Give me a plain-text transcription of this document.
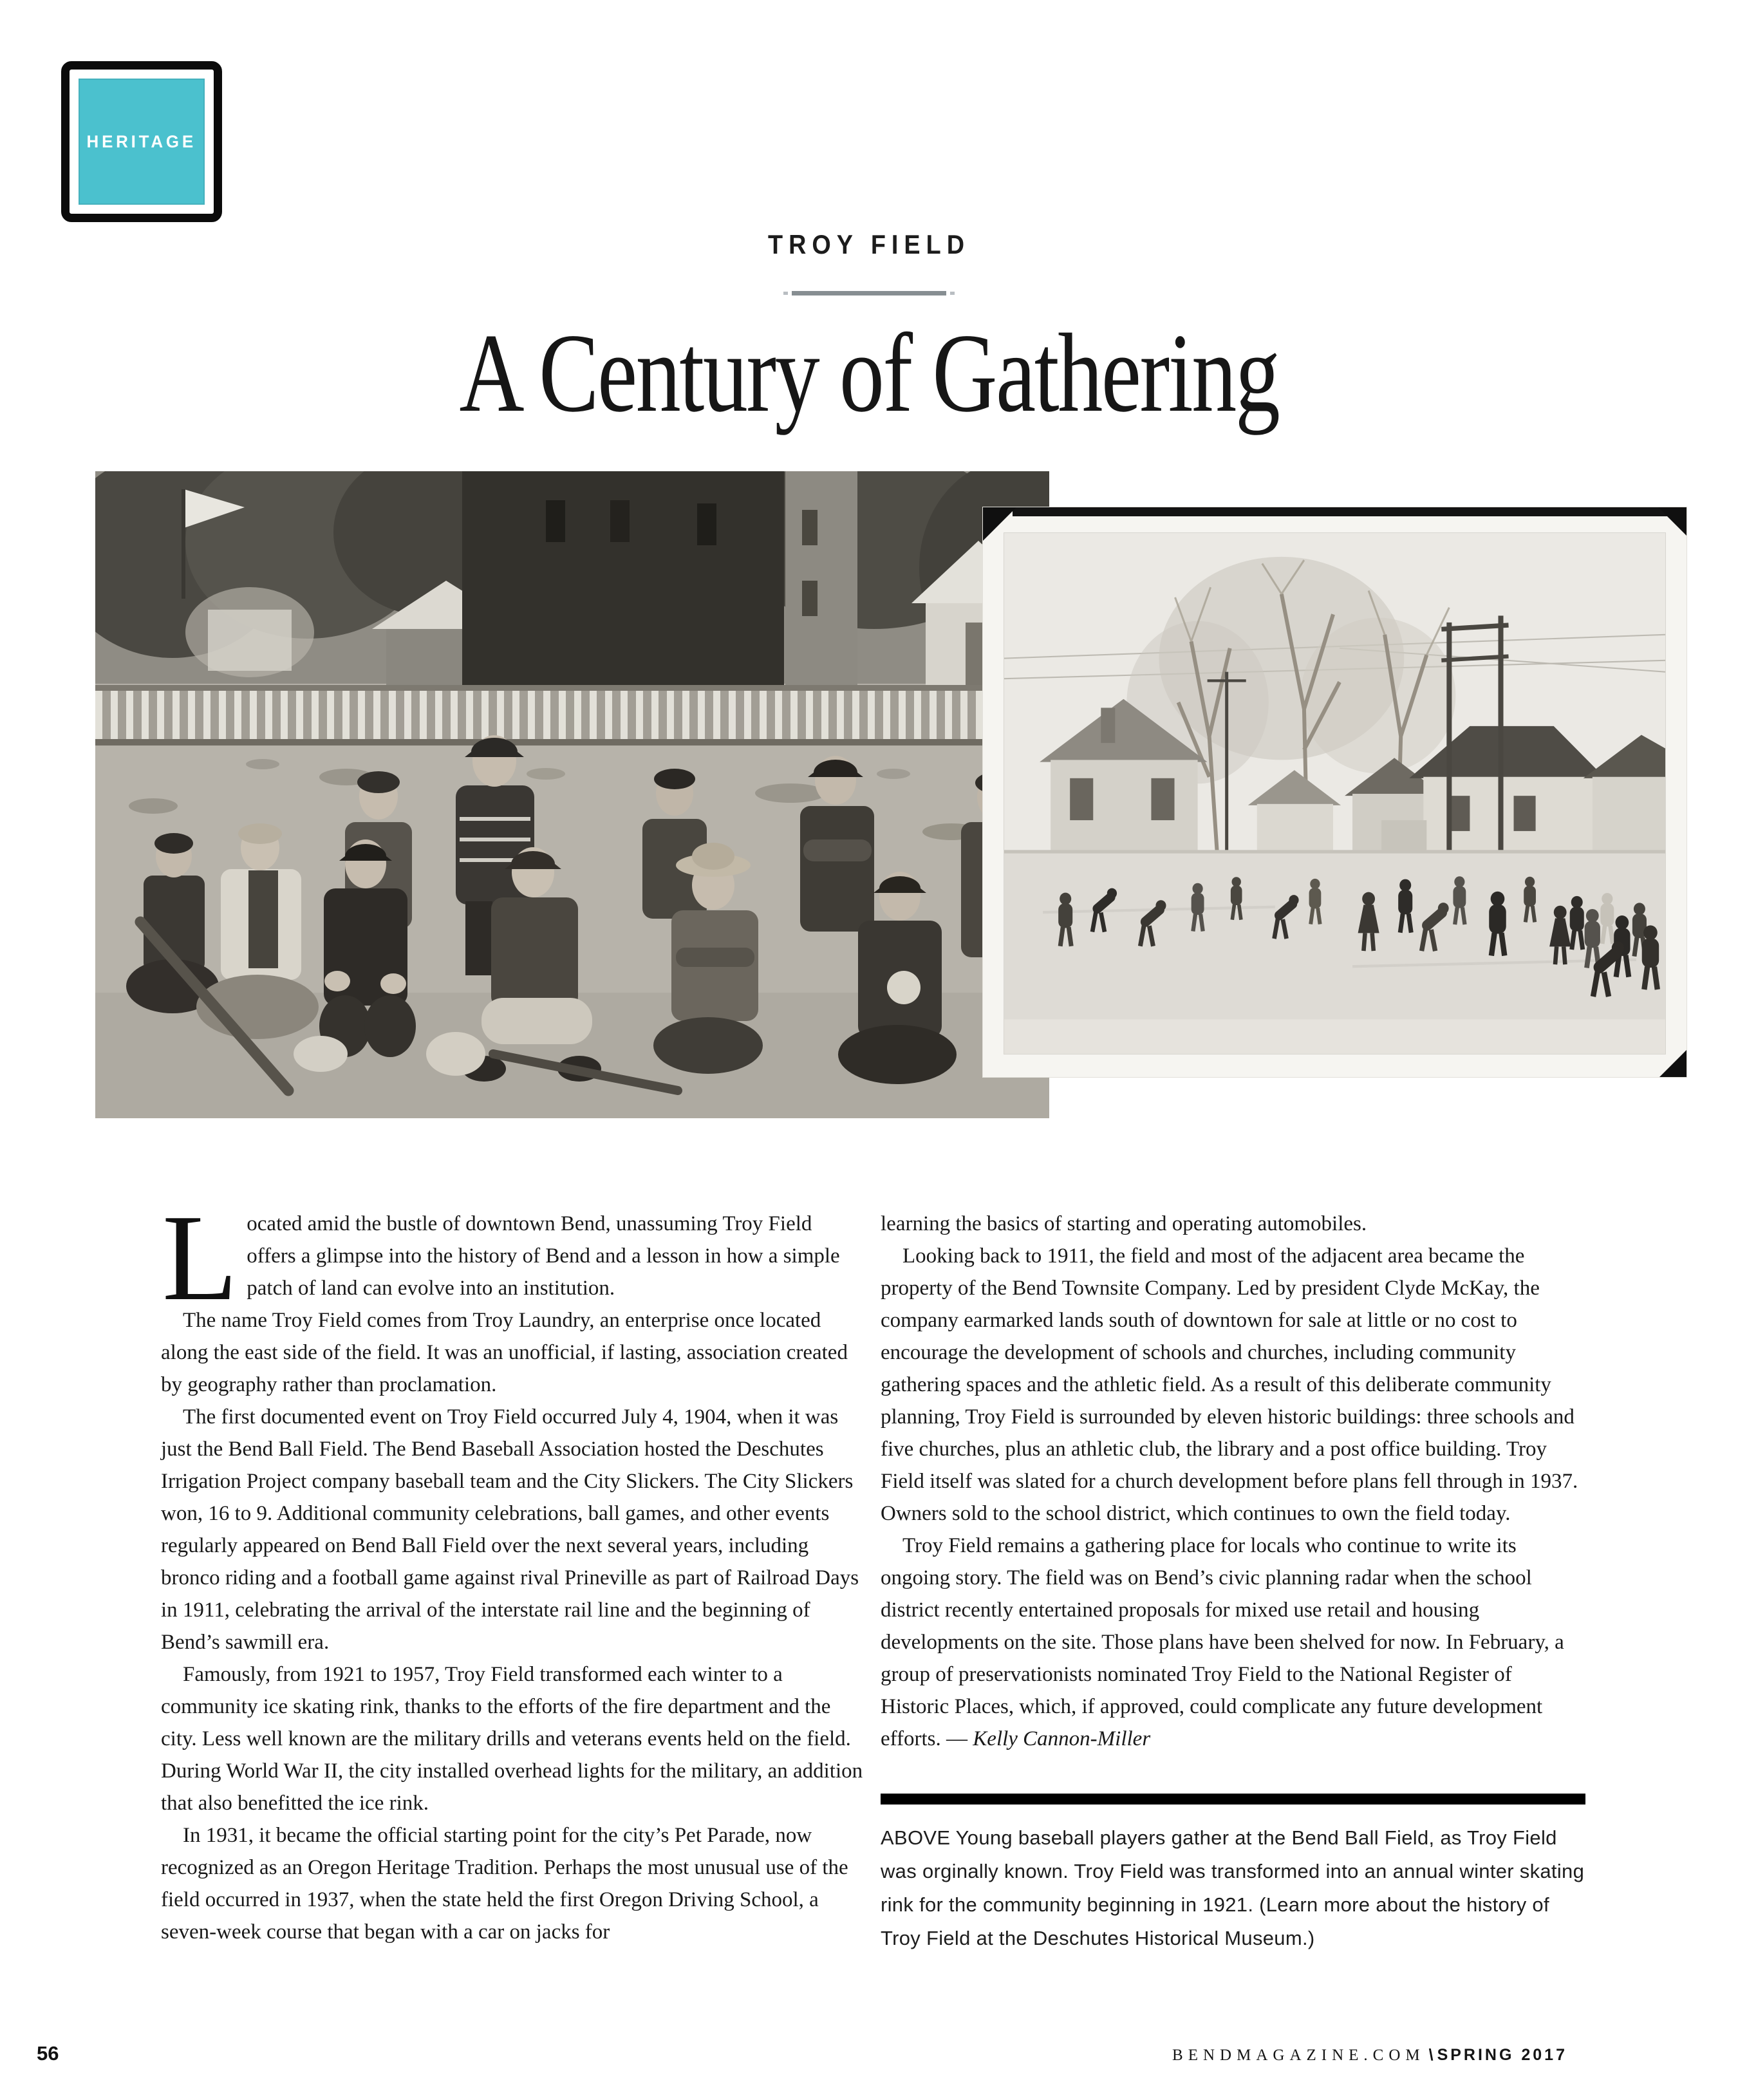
HERITAGE
TROY FIELD
A Century of Gathering

Located amid the bustle of downtown Bend, unassuming Troy Field offers a glimpse into the history of Bend and a lesson in how a simple patch of land can evolve into an institution.

The name Troy Field comes from Troy Laundry, an enterprise once located along the east side of the field. It was an unofficial, if lasting, association created by geography rather than proclamation.

The first documented event on Troy Field occurred July 4, 1904, when it was just the Bend Ball Field. The Bend Baseball Association hosted the Deschutes Irrigation Project company baseball team and the City Slickers. The City Slickers won, 16 to 9. Additional community celebrations, ball games, and other events regularly appeared on Bend Ball Field over the next several years, including bronco riding and a football game against rival Prineville as part of Railroad Days in 1911, celebrating the arrival of the interstate rail line and the beginning of Bend’s sawmill era.

Famously, from 1921 to 1957, Troy Field transformed each winter to a community ice skating rink, thanks to the efforts of the fire department and the city. Less well known are the military drills and veterans events held on the field. During World War II, the city installed overhead lights for the military, an addition that also benefitted the ice rink.

In 1931, it became the official starting point for the city’s Pet Parade, now recognized as an Oregon Heritage Tradition. Perhaps the most unusual use of the field occurred in 1937, when the state held the first Oregon Driving School, a seven-week course that began with a car on jacks for

learning the basics of starting and operating automobiles.

Looking back to 1911, the field and most of the adjacent area became the property of the Bend Townsite Company. Led by president Clyde McKay, the company earmarked lands south of downtown for sale at little or no cost to encourage the development of schools and churches, including community gathering spaces and the athletic field. As a result of this deliberate community planning, Troy Field is surrounded by eleven historic buildings: three schools and five churches, plus an athletic club, the library and a post office building. Troy Field itself was slated for a church development before plans fell through in 1937. Owners sold to the school district, which continues to own the field today.

Troy Field remains a gathering place for locals who continue to write its ongoing story. The field was on Bend’s civic planning radar when the school district recently entertained proposals for mixed use retail and housing developments on the site. Those plans have been shelved for now. In February, a group of preservationists nominated Troy Field to the National Register of Historic Places, which, if approved, could complicate any future development efforts. — Kelly Cannon-Miller

ABOVE Young baseball players gather at the Bend Ball Field, as Troy Field was orginally known. Troy Field was transformed into an annual winter skating rink for the community beginning in 1921. (Learn more about the history of Troy Field at the Deschutes Historical Museum.)

56	BENDMAGAZINE.COM \ SPRING 2017
